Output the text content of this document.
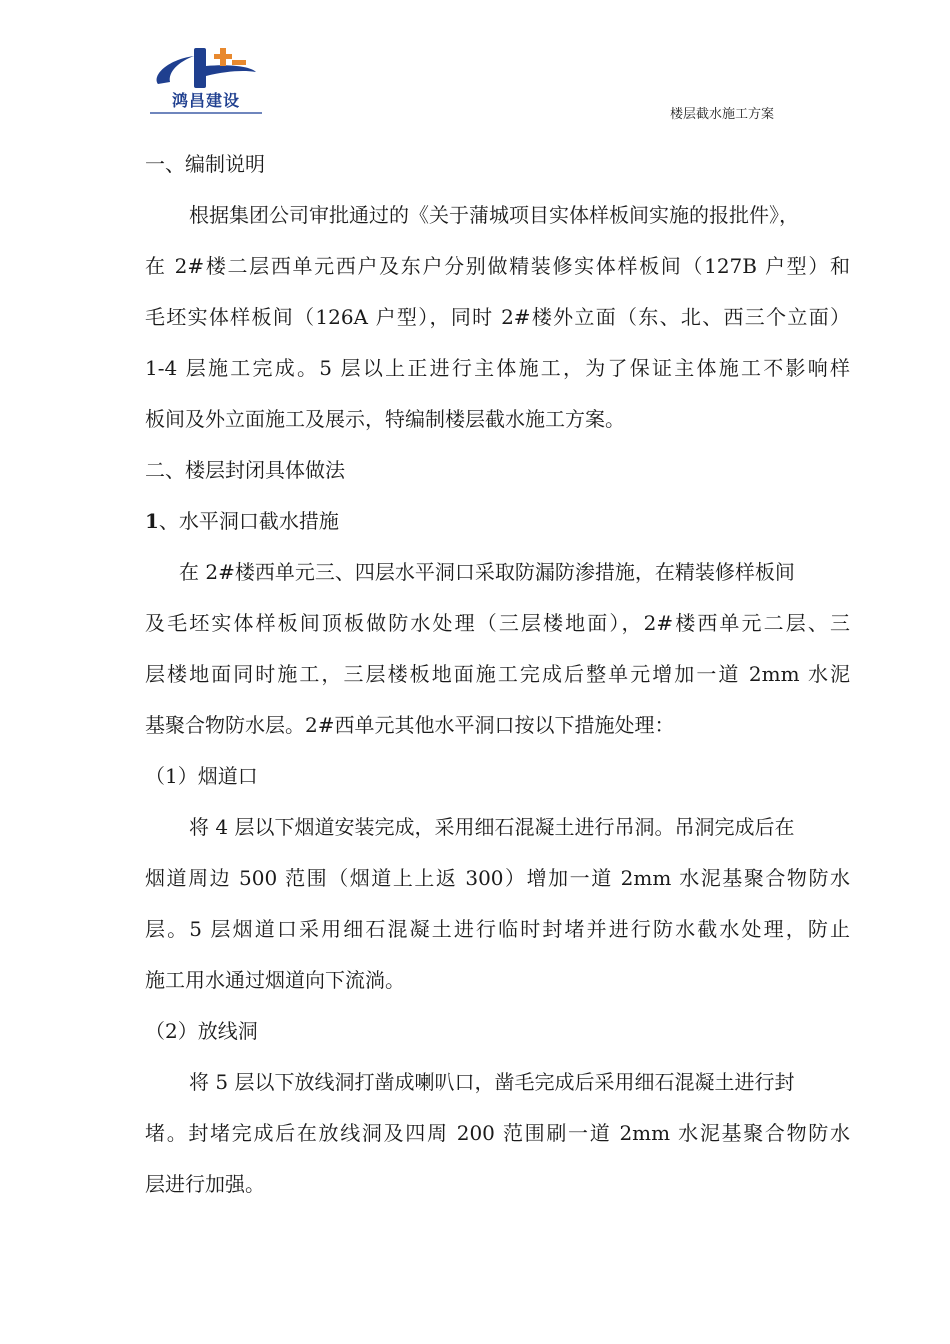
鸿昌建设
楼层截水施工方案

一、编制说明

根据集团公司审批通过的《关于蒲城项目实体样板间实施的报批件》，

在 2#楼二层西单元西户及东户分别做精装修实体样板间（127B 户型）和

毛坯实体样板间（126A 户型），同时 2#楼外立面（东、北、西三个立面）

1-4 层施工完成。5 层以上正进行主体施工，为了保证主体施工不影响样

板间及外立面施工及展示，特编制楼层截水施工方案。

二、楼层封闭具体做法

1、水平洞口截水措施

在 2#楼西单元三、四层水平洞口采取防漏防渗措施，在精装修样板间

及毛坯实体样板间顶板做防水处理（三层楼地面），2#楼西单元二层、三

层楼地面同时施工，三层楼板地面施工完成后整单元增加一道 2mm 水泥

基聚合物防水层。2#西单元其他水平洞口按以下措施处理：

（1）烟道口

将 4 层以下烟道安装完成，采用细石混凝土进行吊洞。吊洞完成后在

烟道周边 500 范围（烟道上上返 300）增加一道 2mm 水泥基聚合物防水

层。5 层烟道口采用细石混凝土进行临时封堵并进行防水截水处理，防止

施工用水通过烟道向下流淌。

（2）放线洞

将 5 层以下放线洞打凿成喇叭口，凿毛完成后采用细石混凝土进行封

堵。封堵完成后在放线洞及四周 200 范围刷一道 2mm 水泥基聚合物防水

层进行加强。
